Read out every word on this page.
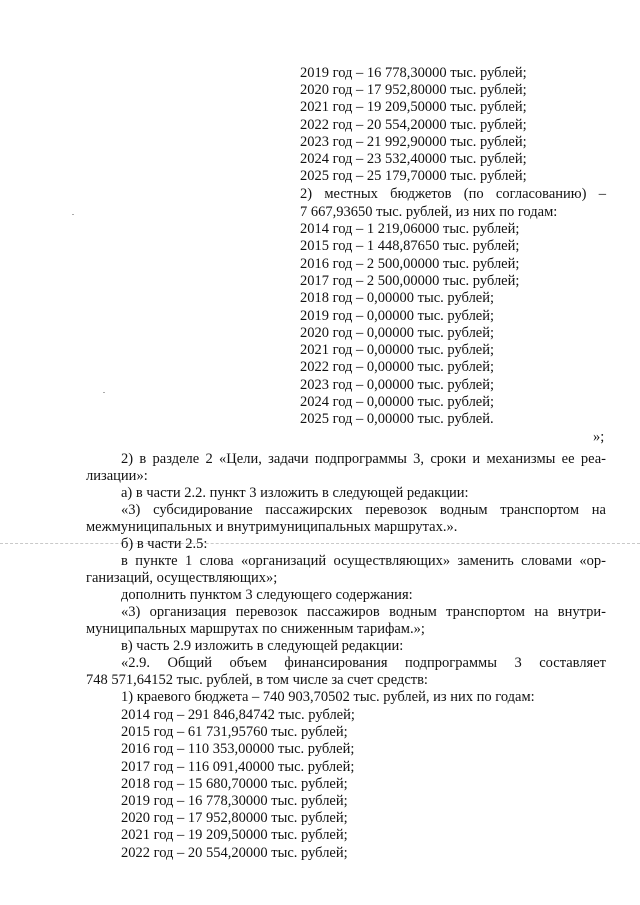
2019 год – 16 778,30000 тыс. рублей;
2020 год – 17 952,80000 тыс. рублей;
2021 год – 19 209,50000 тыс. рублей;
2022 год – 20 554,20000 тыс. рублей;
2023 год – 21 992,90000 тыс. рублей;
2024 год – 23 532,40000 тыс. рублей;
2025 год – 25 179,70000 тыс. рублей;
2) местных бюджетов (по согласованию) –
7 667,93650 тыс. рублей, из них по годам:
2014 год – 1 219,06000 тыс. рублей;
2015 год – 1 448,87650 тыс. рублей;
2016 год – 2 500,00000 тыс. рублей;
2017 год – 2 500,00000 тыс. рублей;
2018 год – 0,00000 тыс. рублей;
2019 год – 0,00000 тыс. рублей;
2020 год – 0,00000 тыс. рублей;
2021 год – 0,00000 тыс. рублей;
2022 год – 0,00000 тыс. рублей;
2023 год – 0,00000 тыс. рублей;
2024 год – 0,00000 тыс. рублей;
2025 год – 0,00000 тыс. рублей.
»;
2) в разделе 2 «Цели, задачи подпрограммы 3, сроки и механизмы ее реа-
лизации»:
а) в части 2.2. пункт 3 изложить в следующей редакции:
«3) субсидирование пассажирских перевозок водным транспортом на
межмуниципальных и внутримуниципальных маршрутах.».
б) в части 2.5:
в пункте 1 слова «организаций осуществляющих» заменить словами «ор-
ганизаций, осуществляющих»;
дополнить пунктом 3 следующего содержания:
«3) организация перевозок пассажиров водным транспортом на внутри-
муниципальных маршрутах по сниженным тарифам.»;
в) часть 2.9 изложить в следующей редакции:
«2.9. Общий объем финансирования подпрограммы 3 составляет
748 571,64152 тыс. рублей, в том числе за счет средств:
1) краевого бюджета – 740 903,70502 тыс. рублей, из них по годам:
2014 год – 291 846,84742 тыс. рублей;
2015 год – 61 731,95760 тыс. рублей;
2016 год – 110 353,00000 тыс. рублей;
2017 год – 116 091,40000 тыс. рублей;
2018 год – 15 680,70000 тыс. рублей;
2019 год – 16 778,30000 тыс. рублей;
2020 год – 17 952,80000 тыс. рублей;
2021 год – 19 209,50000 тыс. рублей;
2022 год – 20 554,20000 тыс. рублей;
